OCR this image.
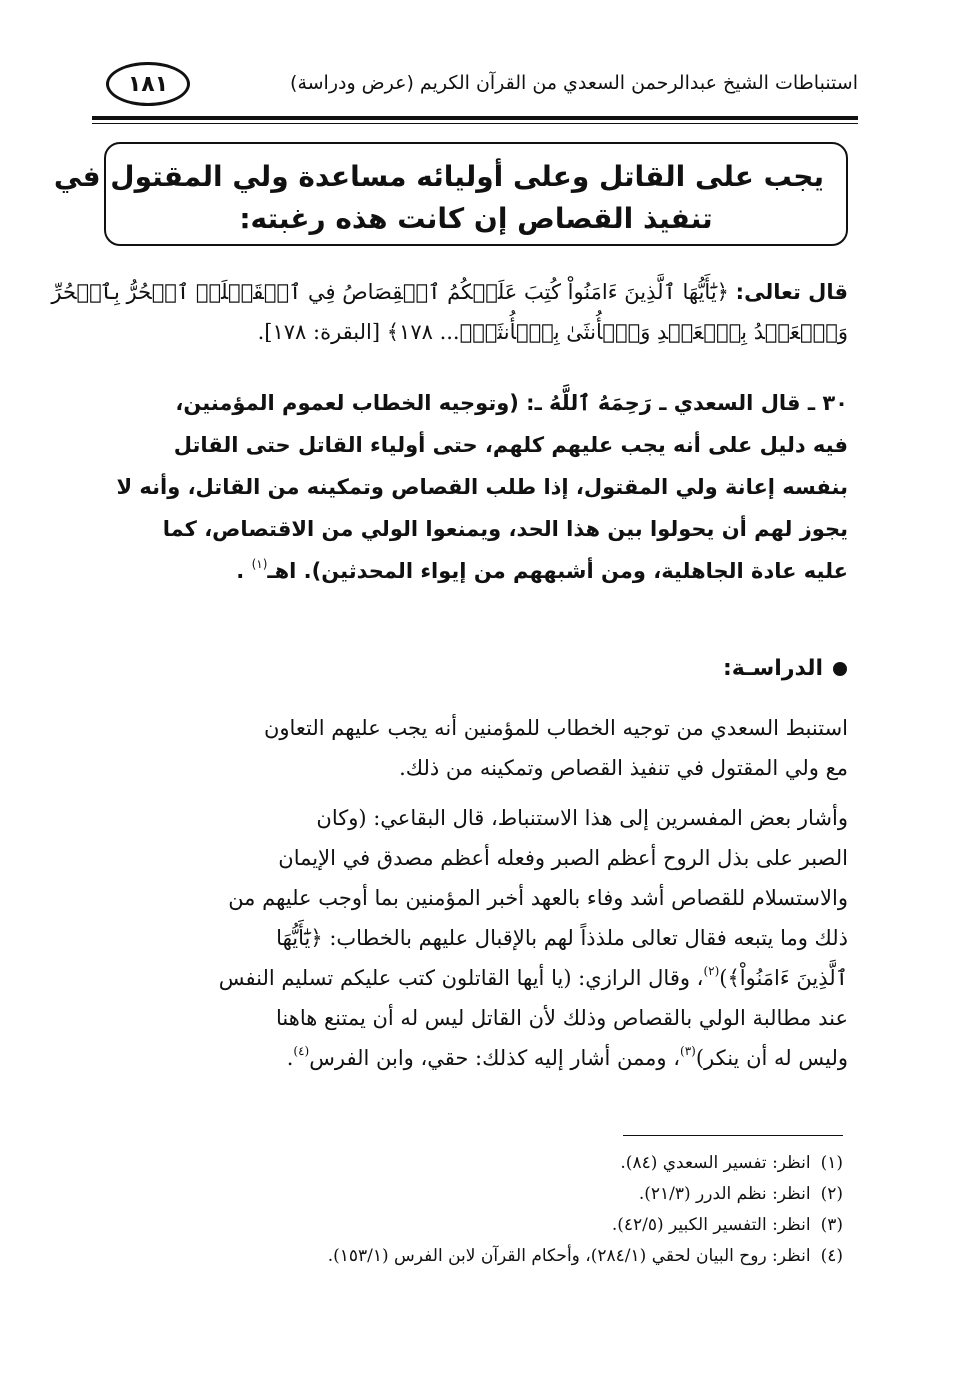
استنباطات الشيخ عبدالرحمن السعدي من القرآن الكريم (عرض ودراسة)
١٨١
يجب على القاتل وعلى أوليائه مساعدة ولي المقتول في
تنفيذ القصاص إن كانت هذه رغبته:
قال تعالى: ﴿يَٰٓأَيُّهَا ٱلَّذِينَ ءَامَنُواْ كُتِبَ عَلَيۡكُمُ ٱلۡقِصَاصُ فِي ٱلۡقَتۡلَىۖ ٱلۡحُرُّ بِٱلۡحُرِّ
وَٱلۡعَبۡدُ بِٱلۡعَبۡدِ وَٱلۡأُنثَىٰ بِٱلۡأُنثَىٰۚ... ١٧٨﴾ [البقرة: ١٧٨].
٣٠ ـ قال السعدي ـ رَحِمَهُ ٱللَّهُ ـ: (وتوجيه الخطاب لعموم المؤمنين،
فيه دليل على أنه يجب عليهم كلهم، حتى أولياء القاتل حتى القاتل
بنفسه إعانة ولي المقتول، إذا طلب القصاص وتمكينه من القاتل، وأنه لا
يجوز لهم أن يحولوا بين هذا الحد، ويمنعوا الولي من الاقتصاص، كما
عليه عادة الجاهلية، ومن أشبههم من إيواء المحدثين). اهـ$^{(١)}$ .
الدراسـة:
استنبط السعدي من توجيه الخطاب للمؤمنين أنه يجب عليهم التعاون
مع ولي المقتول في تنفيذ القصاص وتمكينه من ذلك.
وأشار بعض المفسرين إلى هذا الاستنباط، قال البقاعي: (وكان
الصبر على بذل الروح أعظم الصبر وفعله أعظم مصدق في الإيمان
والاستسلام للقصاص أشد وفاء بالعهد أخبر المؤمنين بما أوجب عليهم من
ذلك وما يتبعه فقال تعالى ملذذاً لهم بالإقبال عليهم بالخطاب: ﴿يَٰٓأَيُّهَا
ٱلَّذِينَ ءَامَنُواْ﴾)$^{(٢)}$، وقال الرازي: (يا أيها القاتلون كتب عليكم تسليم النفس
عند مطالبة الولي بالقصاص وذلك لأن القاتل ليس له أن يمتنع هاهنا
وليس له أن ينكر)$^{(٣)}$، وممن أشار إليه كذلك: حقي، وابن الفرس$^{(٤)}$.
(١)انظر: تفسير السعدي (٨٤).
(٢)انظر: نظم الدرر (٢١/٣).
(٣)انظر: التفسير الكبير (٤٢/٥).
(٤)انظر: روح البيان لحقي (٢٨٤/١)، وأحكام القرآن لابن الفرس (١٥٣/١).
